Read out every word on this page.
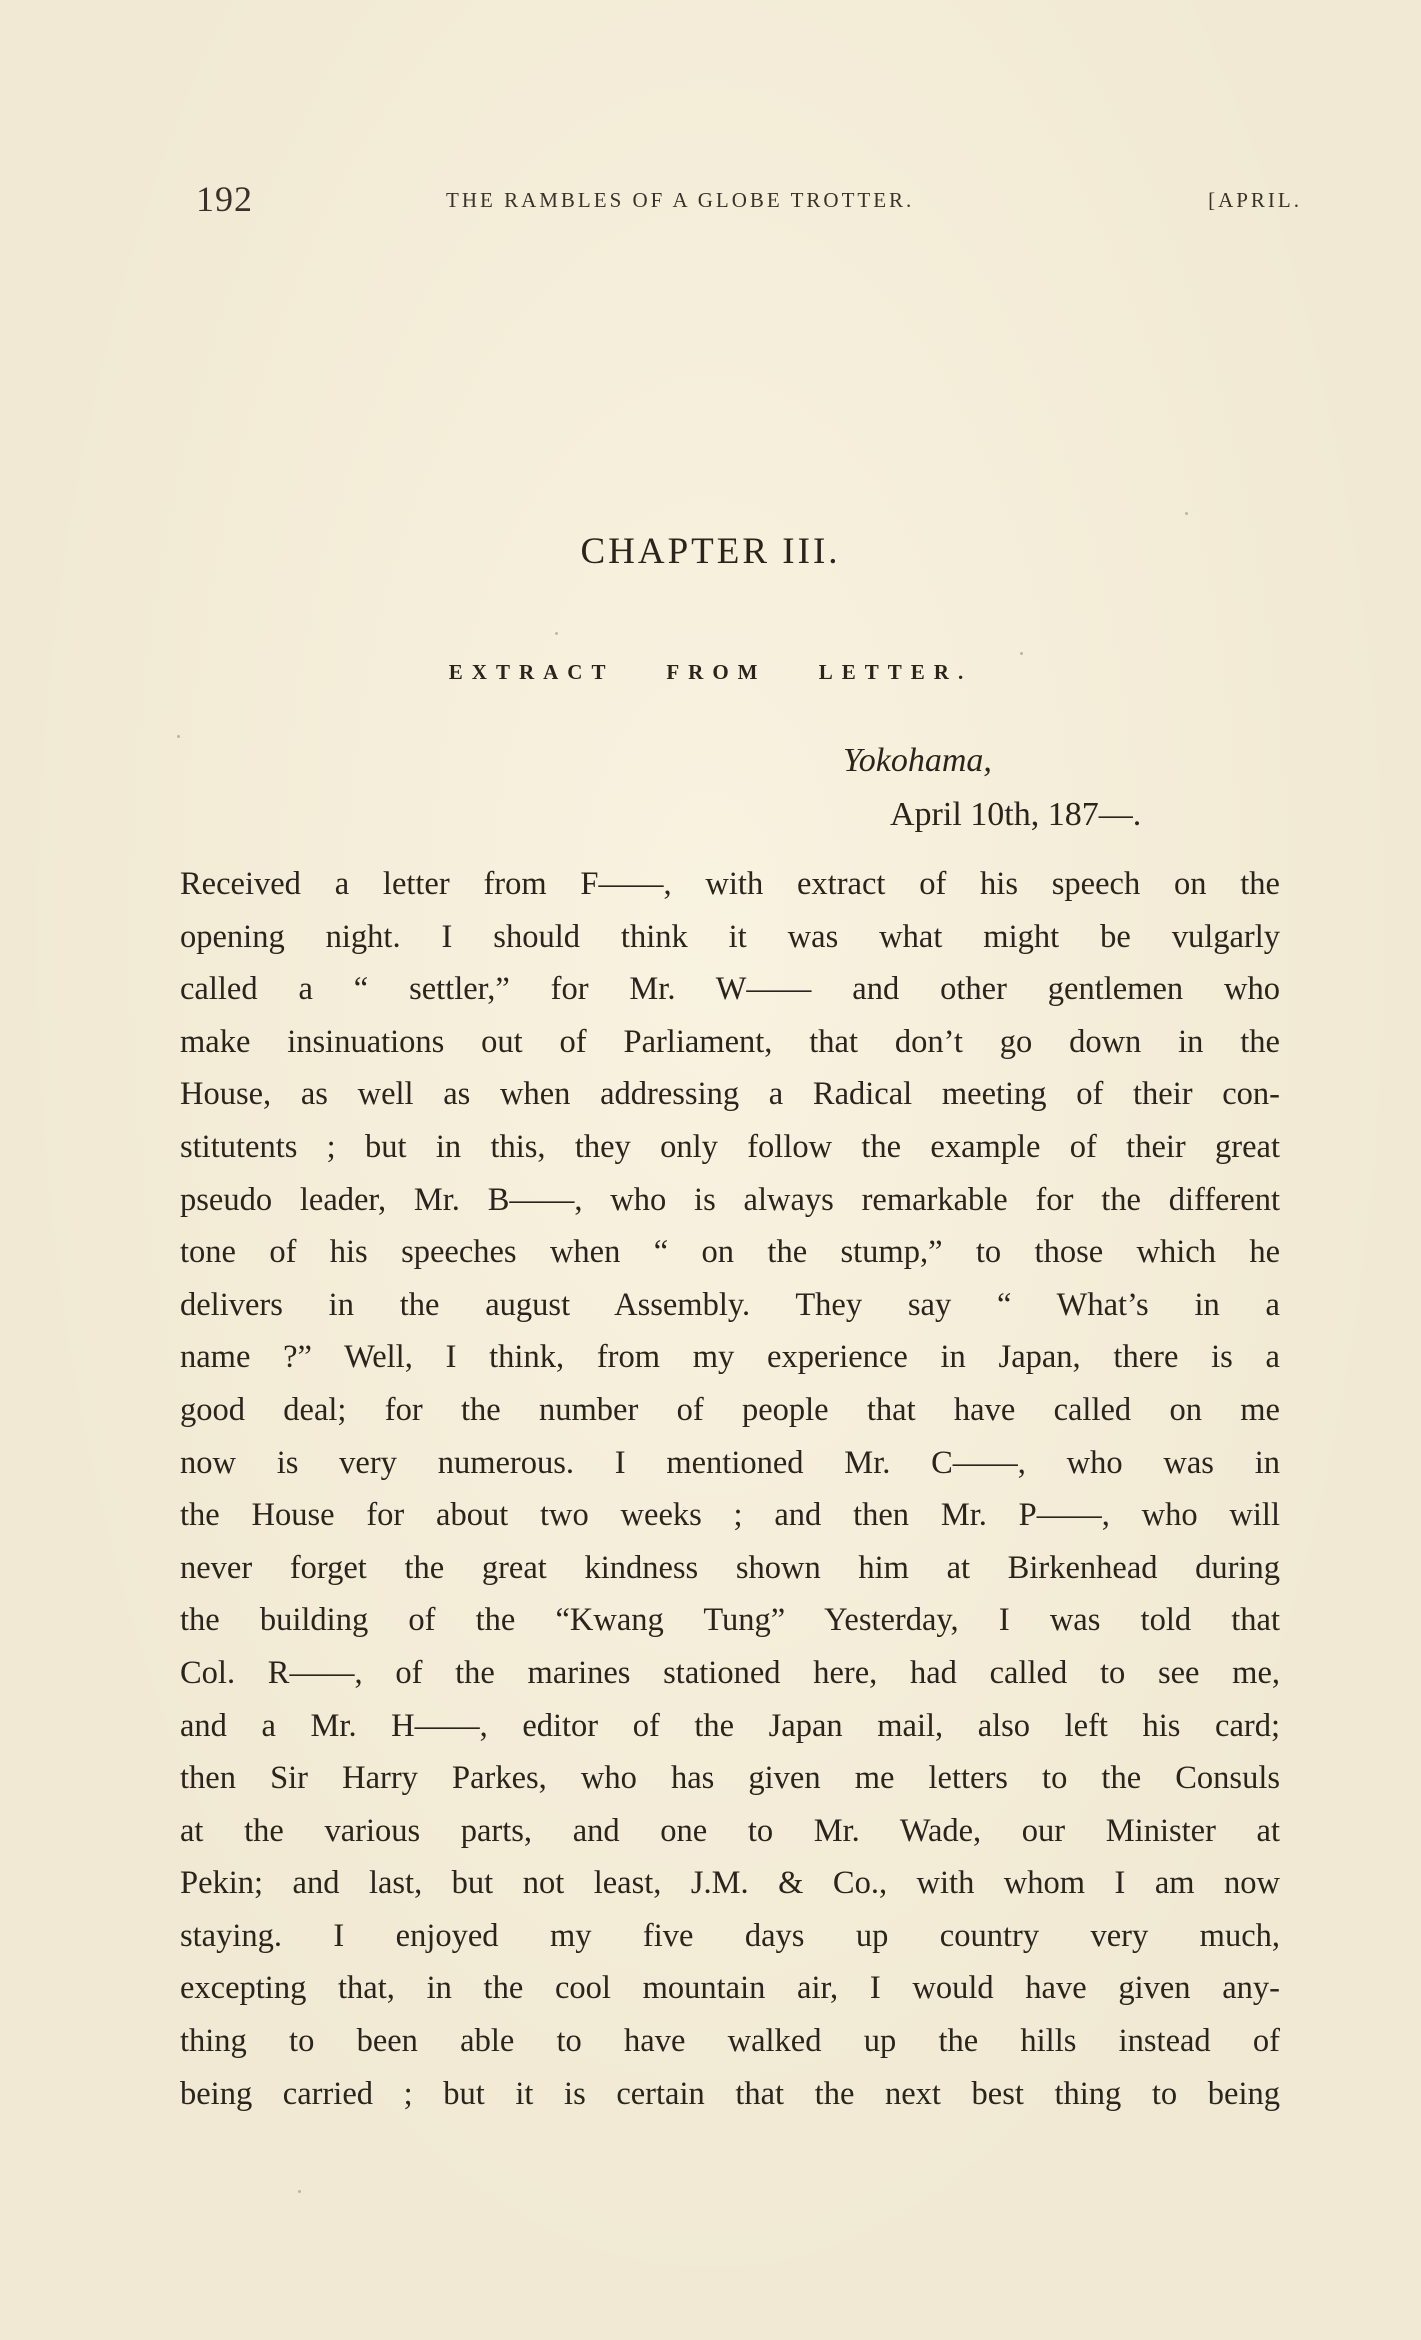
192	THE RAMBLES OF A GLOBE TROTTER.	[APRIL.
CHAPTER III.
EXTRACT FROM LETTER.
Yokohama,
April 10th, 187—.
Received a letter from F——, with extract of his speech on the
opening night. I should think it was what might be vulgarly
called a “ settler,” for Mr. W—— and other gentlemen who
make insinuations out of Parliament, that don’t go down in the
House, as well as when addressing a Radical meeting of their con-
stitutents ; but in this, they only follow the example of their great
pseudo leader, Mr. B——, who is always remarkable for the different
tone of his speeches when “ on the stump,” to those which he
delivers in the august Assembly. They say “ What’s in a
name ?” Well, I think, from my experience in Japan, there is a
good deal; for the number of people that have called on me
now is very numerous. I mentioned Mr. C——, who was in
the House for about two weeks ; and then Mr. P——, who will
never forget the great kindness shown him at Birkenhead during
the building of the “Kwang Tung” Yesterday, I was told that
Col. R——, of the marines stationed here, had called to see me,
and a Mr. H——, editor of the Japan mail, also left his card;
then Sir Harry Parkes, who has given me letters to the Consuls
at the various parts, and one to Mr. Wade, our Minister at
Pekin; and last, but not least, J.M. & Co., with whom I am now
staying. I enjoyed my five days up country very much,
excepting that, in the cool mountain air, I would have given any-
thing to been able to have walked up the hills instead of
being carried ; but it is certain that the next best thing to being
